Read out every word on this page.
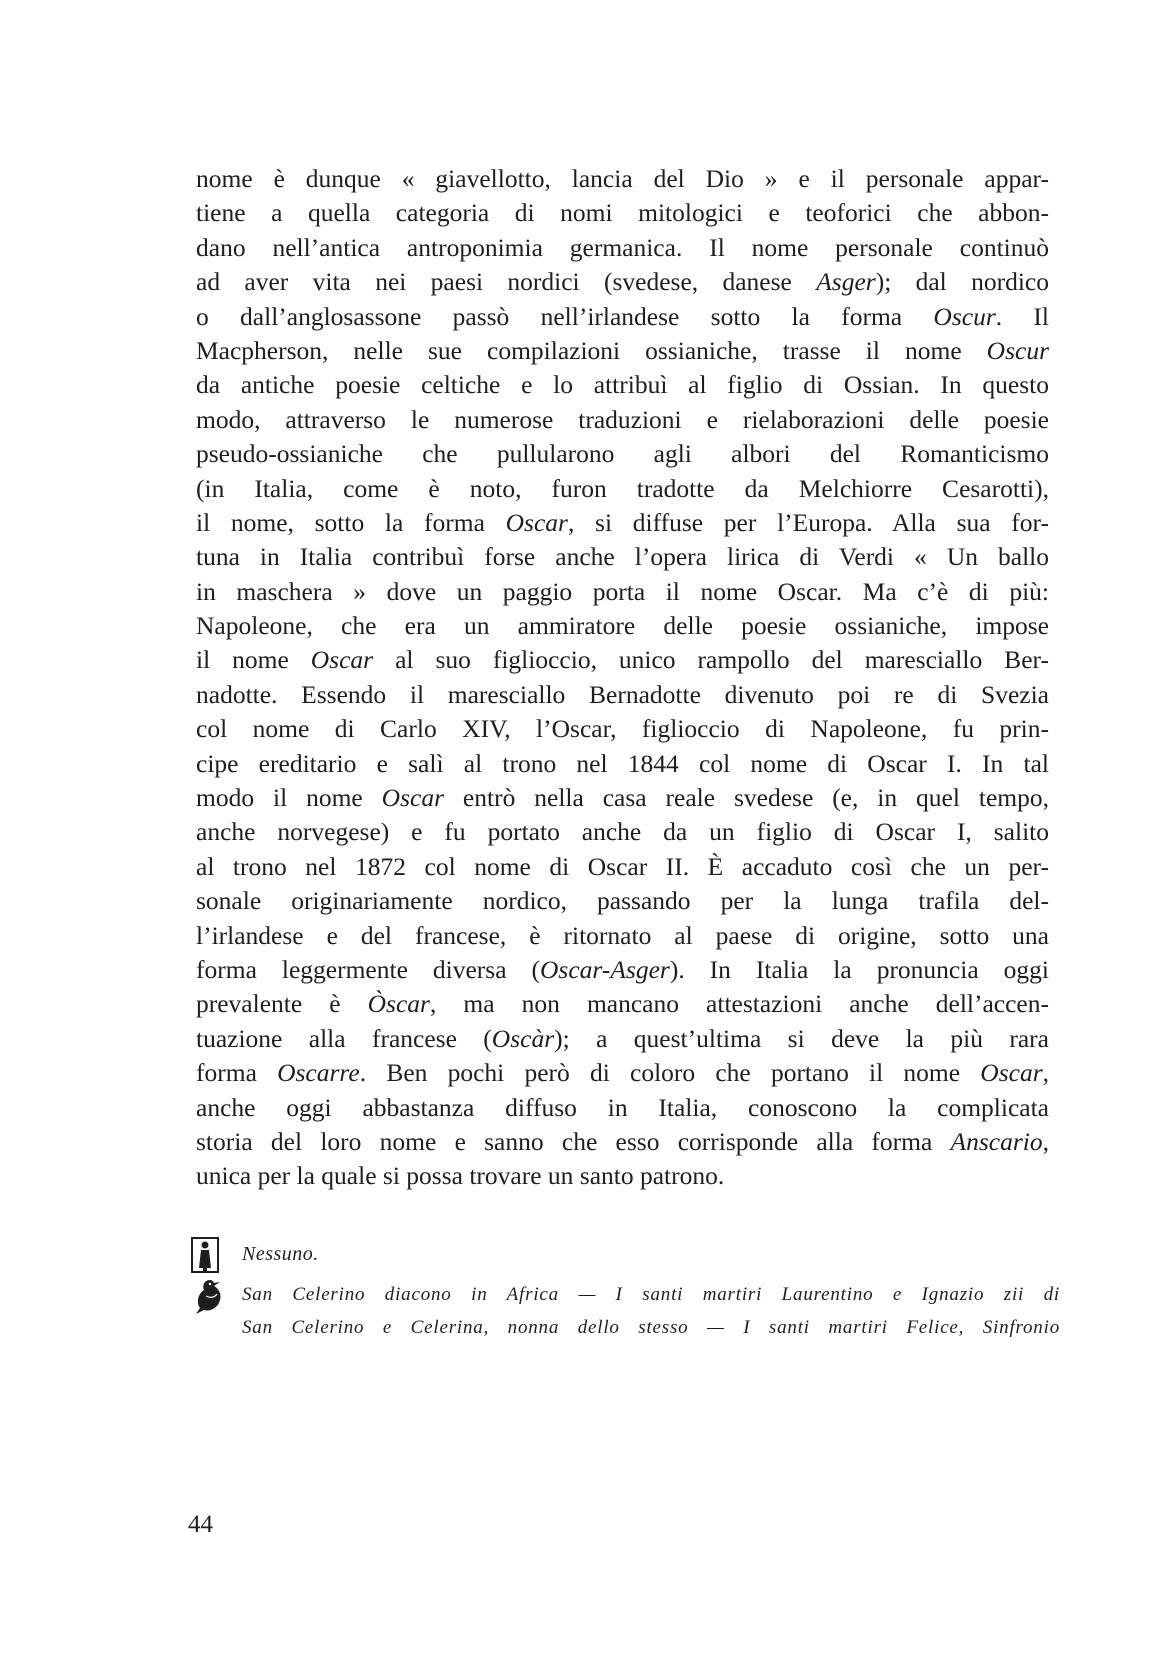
nome è dunque « giavellotto, lancia del Dio » e il personale appar-
tiene a quella categoria di nomi mitologici e teoforici che abbon-
dano nell’antica antroponimia germanica. Il nome personale continuò
ad aver vita nei paesi nordici (svedese, danese Asger); dal nordico
o dall’anglosassone passò nell’irlandese sotto la forma Oscur. Il
Macpherson, nelle sue compilazioni ossianiche, trasse il nome Oscur
da antiche poesie celtiche e lo attribuì al figlio di Ossian. In questo
modo, attraverso le numerose traduzioni e rielaborazioni delle poesie
pseudo-ossianiche che pullularono agli albori del Romanticismo
(in Italia, come è noto, furon tradotte da Melchiorre Cesarotti),
il nome, sotto la forma Oscar, si diffuse per l’Europa. Alla sua for-
tuna in Italia contribuì forse anche l’opera lirica di Verdi « Un ballo
in maschera » dove un paggio porta il nome Oscar. Ma c’è di più:
Napoleone, che era un ammiratore delle poesie ossianiche, impose
il nome Oscar al suo figlioccio, unico rampollo del maresciallo Ber-
nadotte. Essendo il maresciallo Bernadotte divenuto poi re di Svezia
col nome di Carlo XIV, l’Oscar, figlioccio di Napoleone, fu prin-
cipe ereditario e salì al trono nel 1844 col nome di Oscar I. In tal
modo il nome Oscar entrò nella casa reale svedese (e, in quel tempo,
anche norvegese) e fu portato anche da un figlio di Oscar I, salito
al trono nel 1872 col nome di Oscar II. È accaduto così che un per-
sonale originariamente nordico, passando per la lunga trafila del-
l’irlandese e del francese, è ritornato al paese di origine, sotto una
forma leggermente diversa (Oscar-Asger). In Italia la pronuncia oggi
prevalente è Òscar, ma non mancano attestazioni anche dell’accen-
tuazione alla francese (Oscàr); a quest’ultima si deve la più rara
forma Oscarre. Ben pochi però di coloro che portano il nome Oscar,
anche oggi abbastanza diffuso in Italia, conoscono la complicata
storia del loro nome e sanno che esso corrisponde alla forma Anscario,
unica per la quale si possa trovare un santo patrono.
Nessuno.
San Celerino diacono in Africa — I santi martiri Laurentino e Ignazio zii di
San Celerino e Celerina, nonna dello stesso — I santi martiri Felice, Sinfronio
44
